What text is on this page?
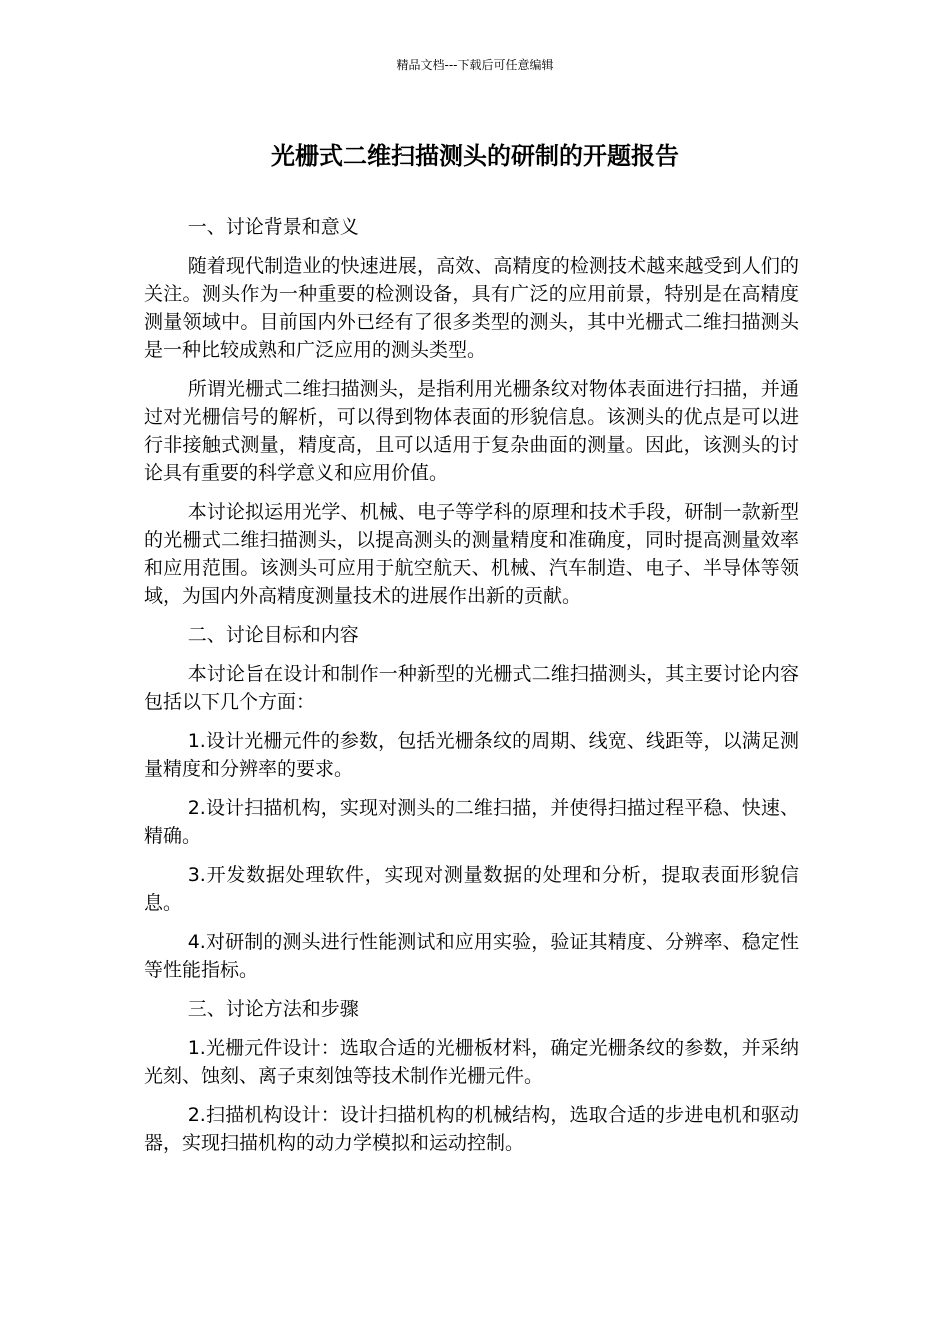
精品文档---下载后可任意编辑
光栅式二维扫描测头的研制的开题报告

一、讨论背景和意义

随着现代制造业的快速进展，高效、高精度的检测技术越来越受到人们的关注。测头作为一种重要的检测设备，具有广泛的应用前景，特别是在高精度测量领域中。目前国内外已经有了很多类型的测头，其中光栅式二维扫描测头是一种比较成熟和广泛应用的测头类型。

所谓光栅式二维扫描测头，是指利用光栅条纹对物体表面进行扫描，并通过对光栅信号的解析，可以得到物体表面的形貌信息。该测头的优点是可以进行非接触式测量，精度高，且可以适用于复杂曲面的测量。因此，该测头的讨论具有重要的科学意义和应用价值。

本讨论拟运用光学、机械、电子等学科的原理和技术手段，研制一款新型的光栅式二维扫描测头，以提高测头的测量精度和准确度，同时提高测量效率和应用范围。该测头可应用于航空航天、机械、汽车制造、电子、半导体等领域，为国内外高精度测量技术的进展作出新的贡献。

二、讨论目标和内容

本讨论旨在设计和制作一种新型的光栅式二维扫描测头，其主要讨论内容包括以下几个方面：

1.设计光栅元件的参数，包括光栅条纹的周期、线宽、线距等，以满足测量精度和分辨率的要求。

2.设计扫描机构，实现对测头的二维扫描，并使得扫描过程平稳、快速、精确。

3.开发数据处理软件，实现对测量数据的处理和分析，提取表面形貌信息。

4.对研制的测头进行性能测试和应用实验，验证其精度、分辨率、稳定性等性能指标。

三、讨论方法和步骤

1.光栅元件设计：选取合适的光栅板材料，确定光栅条纹的参数，并采纳光刻、蚀刻、离子束刻蚀等技术制作光栅元件。

2.扫描机构设计：设计扫描机构的机械结构，选取合适的步进电机和驱动器，实现扫描机构的动力学模拟和运动控制。
